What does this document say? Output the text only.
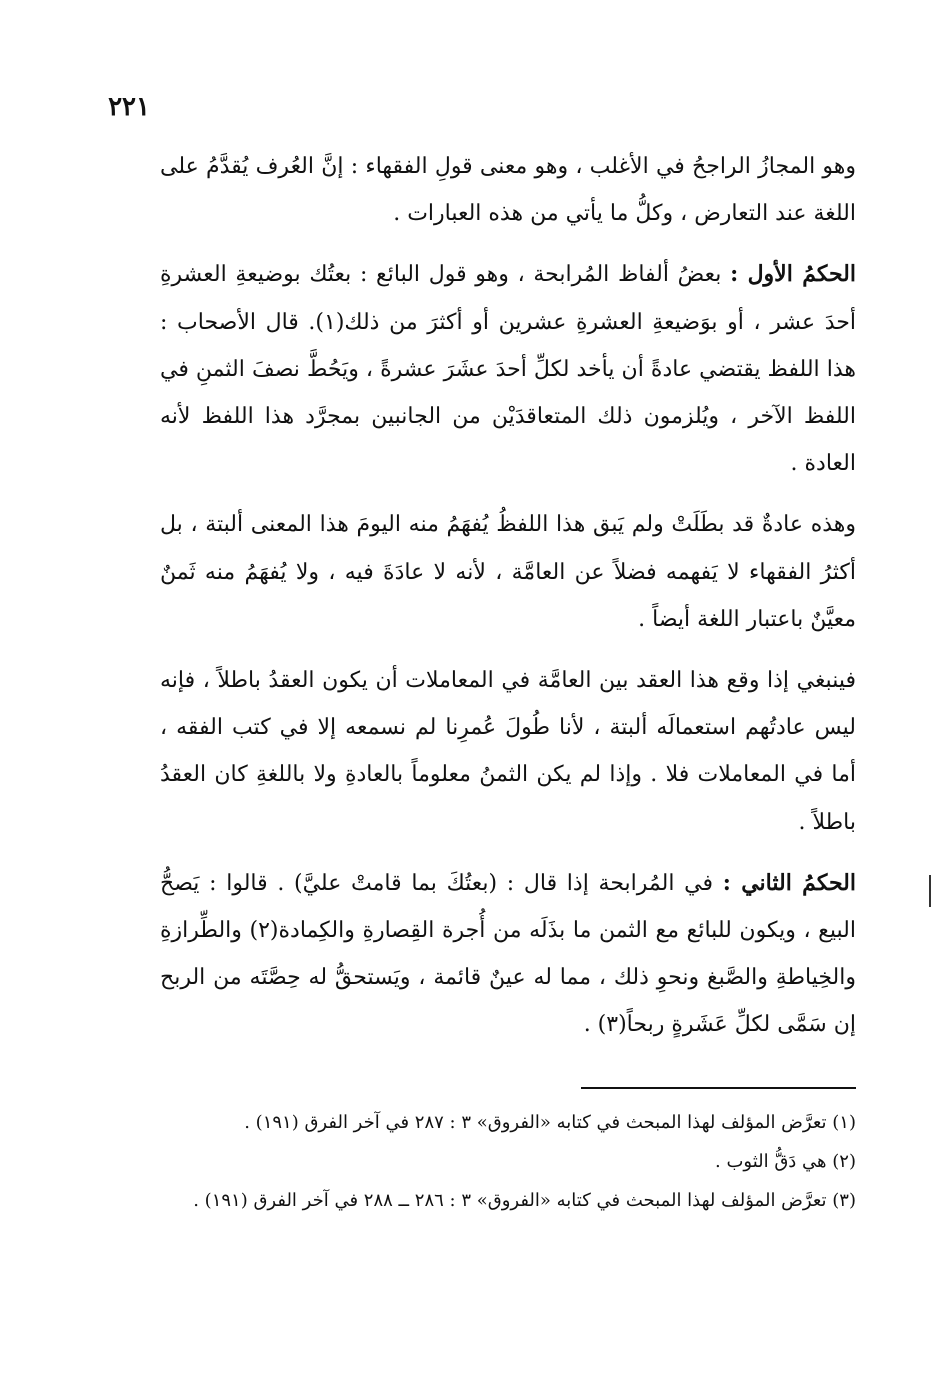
٢٢١

وهو المجازُ الراجحُ في الأغلب ، وهو معنى قولِ الفقهاء : إنَّ العُرف يُقدَّمُ على اللغة عند التعارض ، وكلُّ ما يأتي من هذه العبارات .

الحكمُ الأول : بعضُ ألفاظ المُرابحة ، وهو قول البائع : بعتُك بوضيعةِ العشرةِ أحدَ عشر ، أو بوَضيعةِ العشرةِ عشرين أو أكثرَ من ذلك(١). قال الأصحاب : هذا اللفظ يقتضي عادةً أن يأخد لكلِّ أحدَ عشَرَ عشرةً ، ويَحُطَّ نصفَ الثمنِ في اللفظ الآخر ، ويُلزمون ذلك المتعاقدَيْن من الجانبين بمجرَّد هذا اللفظ لأنه العادة .

وهذه عادةٌ قد بطَلَتْ ولم يَبق هذا اللفظُ يُفهَمُ منه اليومَ هذا المعنى ألبتة ، بل أكثرُ الفقهاء لا يَفهمه فضلاً عن العامَّة ، لأنه لا عادَةَ فيه ، ولا يُفهَمُ منه ثَمنٌ معيَّنٌ باعتبار اللغة أيضاً .

فينبغي إذا وقع هذا العقد بين العامَّة في المعاملات أن يكون العقدُ باطلاً ، فإنه ليس عادتُهم استعمالَه ألبتة ، لأنا طُولَ عُمرِنا لم نسمعه إلا في كتب الفقه ، أما في المعاملات فلا . وإذا لم يكن الثمنُ معلوماً بالعادةِ ولا باللغةِ كان العقدُ باطلاً .

الحكمُ الثاني : في المُرابحة إذا قال : (بعتُكَ بما قامتْ عليَّ) . قالوا : يَصحُّ البيع ، ويكون للبائع مع الثمن ما بذَلَه من أُجرة القِصارةِ والكِمادة(٢) والطِّرازةِ والخِياطةِ والصَّبغ ونحوِ ذلك ، مما له عينٌ قائمة ، ويَستحقُّ له حِصَّتَه من الربح إن سَمَّى لكلِّ عَشَرةٍ ربحاً(٣) .

(١) تعرَّض المؤلف لهذا المبحث في كتابه «الفروق» ٣ : ٢٨٧ في آخر الفرق (١٩١) .

(٢) هي دَقُّ الثوب .

(٣) تعرَّض المؤلف لهذا المبحث في كتابه «الفروق» ٣ : ٢٨٦ ــ ٢٨٨ في آخر الفرق (١٩١) .
